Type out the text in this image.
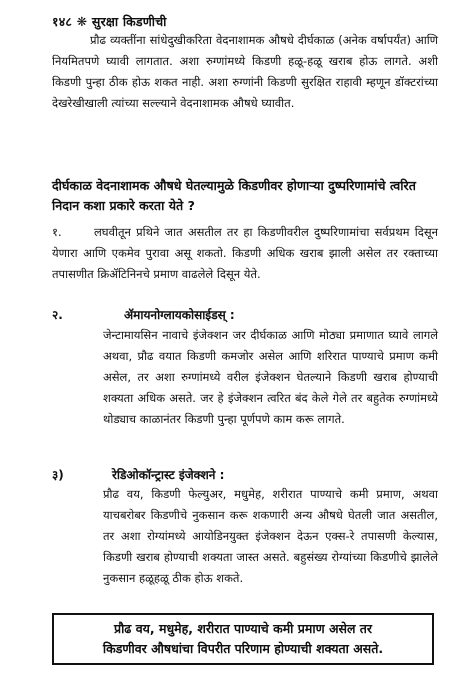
१४८ ❋ सुरक्षा किडणीची
प्रौढ व्यक्तींना सांधेदुखीकरिता वेदनाशामक औषधे दीर्घकाळ (अनेक वर्षापर्यंत) आणि नियमितपणे घ्यावी लागतात. अशा रुग्णांमध्ये किडणी हळू-हळू खराब होऊ लागते. अशी किडणी पुन्हा ठीक होऊ शकत नाही. अशा रुग्णांनी किडणी सुरक्षित राहावी म्हणून डॉक्टरांच्या देखरेखीखाली त्यांच्या सल्ल्याने वेदनाशामक औषधे घ्यावीत.
दीर्घकाळ वेदनाशामक औषधे घेतल्यामुळे किडणीवर होणाऱ्या दुष्परिणामांचे त्वरित निदान कशा प्रकारे करता येते ?
१.	लघवीतून प्रथिने जात असतील तर हा किडणीवरील दुष्परिणामांचा सर्वप्रथम दिसून येणारा आणि एकमेव पुरावा असू शकतो. किडणी अधिक खराब झाली असेल तर रक्ताच्या तपासणीत क्रिॲटिनिनचे प्रमाण वाढलेले दिसून येते.
२.	ॲमायनोग्लायकोसाईडस् :
जेन्टामायसिन नावाचे इंजेक्शन जर दीर्घकाळ आणि मोठ्या प्रमाणात घ्यावे लागले अथवा, प्रौढ वयात किडणी कमजोर असेल आणि शरिरात पाण्याचे प्रमाण कमी असेल, तर अशा रुग्णांमध्ये वरील इंजेक्शन घेतल्याने किडणी खराब होण्याची शक्यता अधिक असते. जर हे इंजेक्शन त्वरित बंद केले गेले तर बहुतेक रुग्णांमध्ये थोड्याच काळानंतर किडणी पुन्हा पूर्णपणे काम करू लागते.
३)	रेडिओकॉन्ट्रास्ट इंजेक्शने :
प्रौढ वय, किडणी फेल्युअर, मधुमेह, शरीरात पाण्याचे कमी प्रमाण, अथवा याचबरोबर किडणीचे नुकसान करू शकणारी अन्य औषधे घेतली जात असतील, तर अशा रोग्यांमध्ये आयोडिनयुक्त इंजेक्शन देऊन एक्स-रे तपासणी केल्यास, किडणी खराब होण्याची शक्यता जास्त असते. बहुसंख्य रोग्यांच्या किडणीचे झालेले नुकसान हळूहळू ठीक होऊ शकते.
प्रौढ वय, मधुमेह, शरीरात पाण्याचे कमी प्रमाण असेल तर
किडणीवर औषधांचा विपरीत परिणाम होण्याची शक्यता असते.
